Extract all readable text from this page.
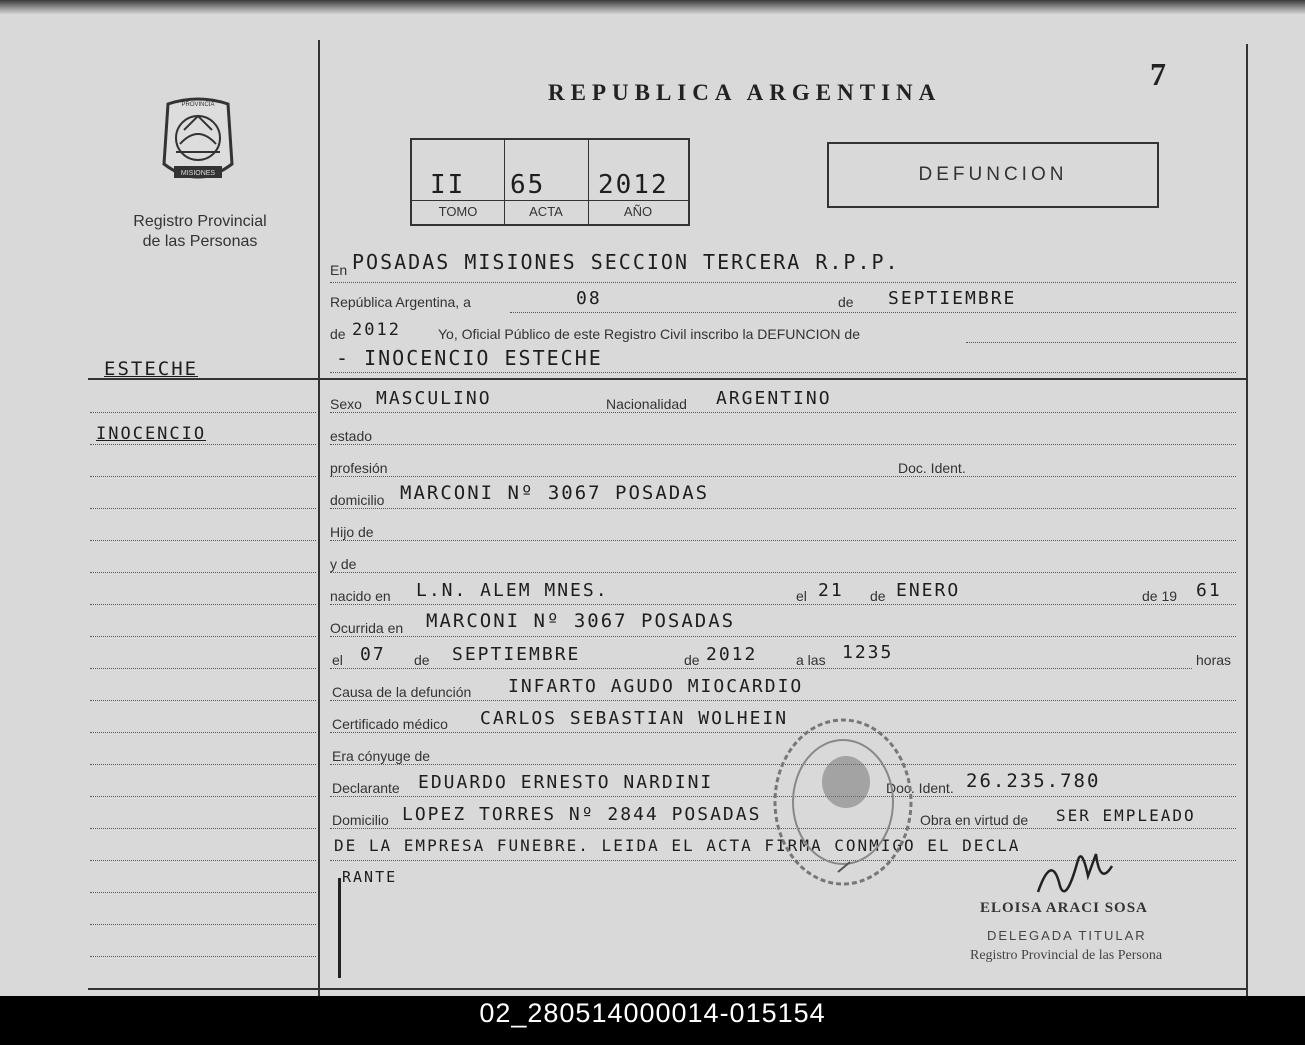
PROVINCIA
MISIONES
Registro Provincial
de las Personas
REPUBLICA ARGENTINA
7
II 65 2012
TOMO	ACTA	AÑO
DEFUNCION
ESTECHE
INOCENCIO
En POSADAS MISIONES SECCION TERCERA R.P.P.
República Argentina, a	08	de SEPTIEMBRE
de 2012	Yo, Oficial Público de este Registro Civil inscribo la DEFUNCION de
- INOCENCIO ESTECHE
Sexo MASCULINO	Nacionalidad ARGENTINO
estado
profesión	Doc. Ident.
domicilio MARCONI Nº 3067 POSADAS
Hijo de
y de
nacido en L.N. ALEM MNES.	el 21 de ENERO	de 19 61
Ocurrida en MARCONI Nº 3067 POSADAS
el 07 de SEPTIEMBRE	de 2012	a las 1235	horas
Causa de la defunción INFARTO AGUDO MIOCARDIO
Certificado médico CARLOS SEBASTIAN WOLHEIN
Era cónyuge de
Declarante EDUARDO ERNESTO NARDINI	Doc. Ident. 26.235.780
Domicilio LOPEZ TORRES Nº 2844 POSADAS	Obra en virtud de SER EMPLEADO
DE LA EMPRESA FUNEBRE. LEIDA EL ACTA FIRMA CONMIGO EL DECLA
RANTE
ELOISA ARACI SOSA
DELEGADA TITULAR
Registro Provincial de las Persona
02_280514000014-015154
